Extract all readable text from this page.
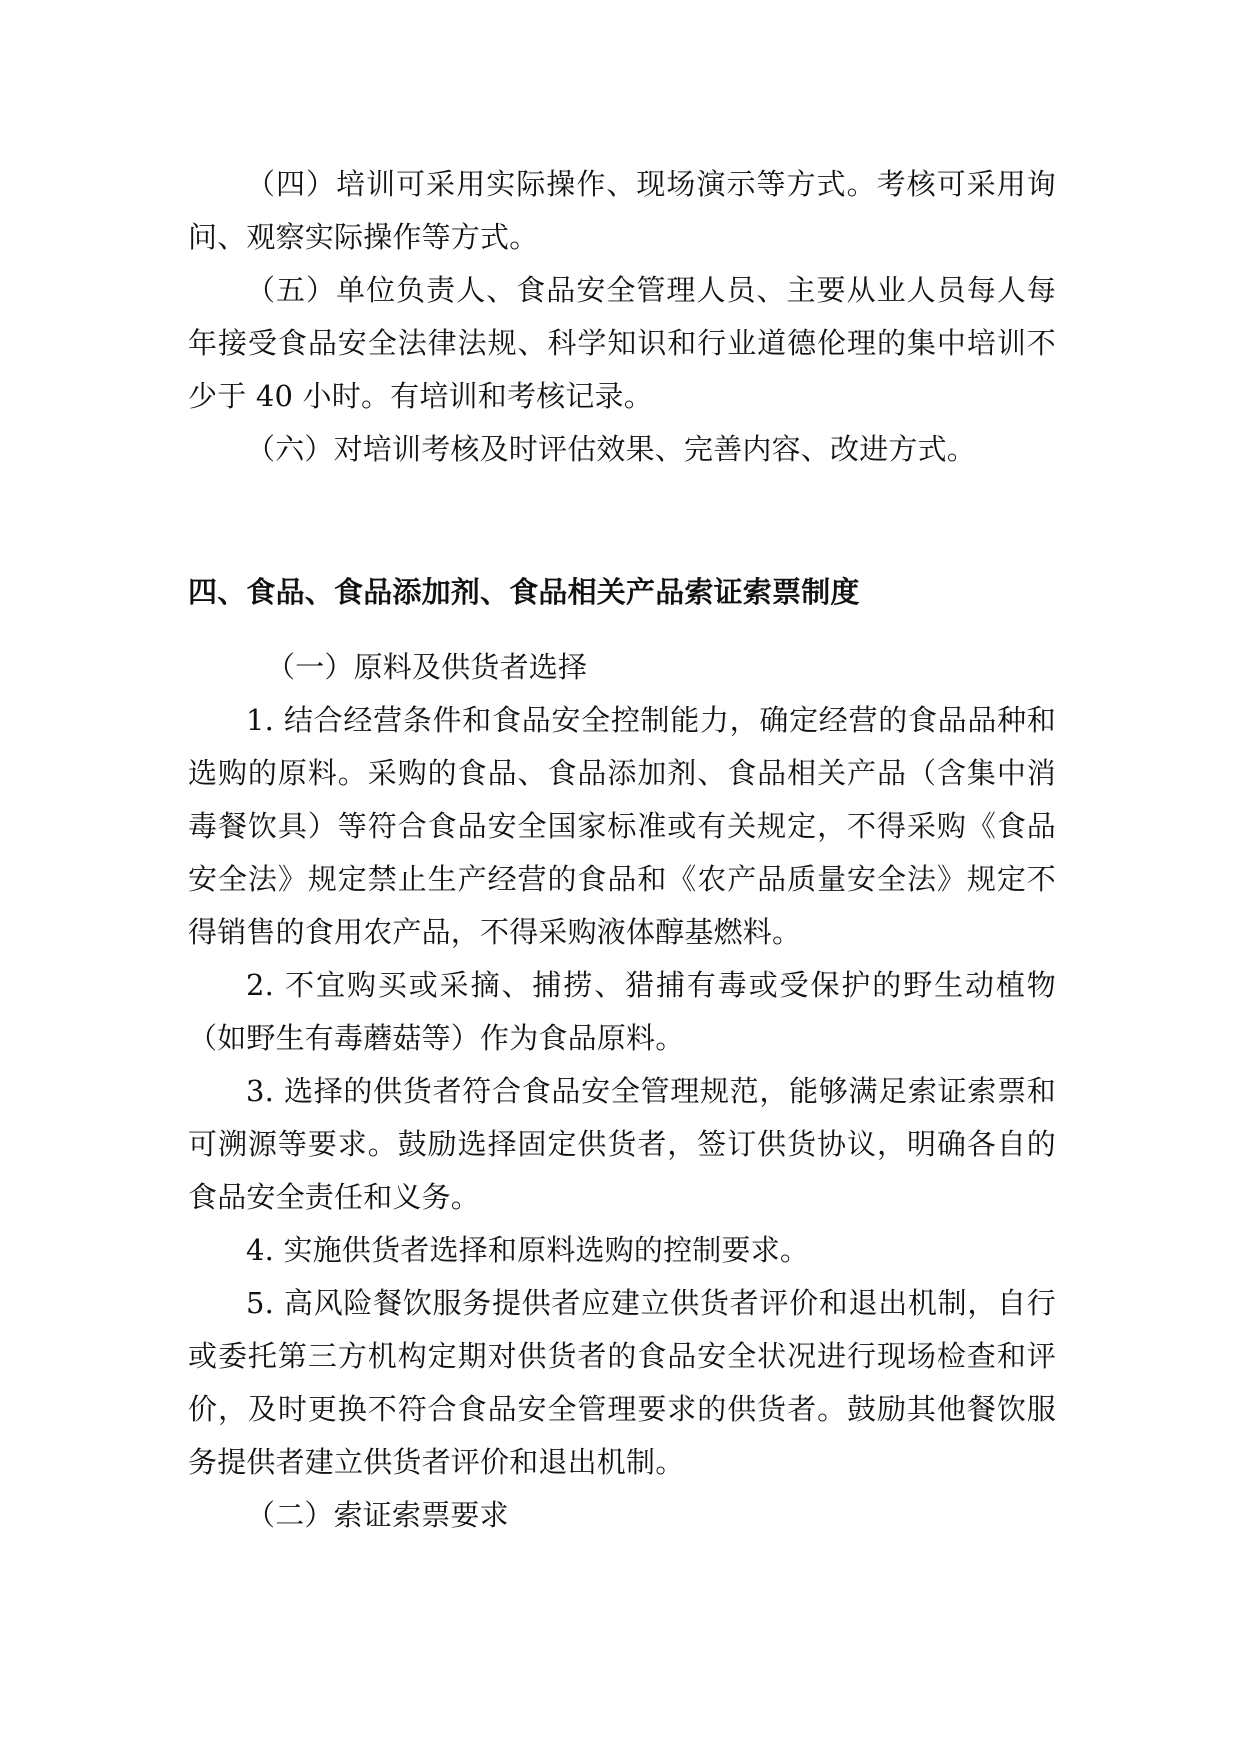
（四）培训可采用实际操作、现场演示等方式。考核可采用询问、观察实际操作等方式。

（五）单位负责人、食品安全管理人员、主要从业人员每人每年接受食品安全法律法规、科学知识和行业道德伦理的集中培训不少于 40 小时。有培训和考核记录。

（六）对培训考核及时评估效果、完善内容、改进方式。

四、食品、食品添加剂、食品相关产品索证索票制度

（一）原料及供货者选择

1. 结合经营条件和食品安全控制能力，确定经营的食品品种和选购的原料。采购的食品、食品添加剂、食品相关产品（含集中消毒餐饮具）等符合食品安全国家标准或有关规定，不得采购《食品安全法》规定禁止生产经营的食品和《农产品质量安全法》规定不得销售的食用农产品，不得采购液体醇基燃料。

2. 不宜购买或采摘、捕捞、猎捕有毒或受保护的野生动植物（如野生有毒蘑菇等）作为食品原料。

3. 选择的供货者符合食品安全管理规范，能够满足索证索票和可溯源等要求。鼓励选择固定供货者，签订供货协议，明确各自的食品安全责任和义务。

4. 实施供货者选择和原料选购的控制要求。

5. 高风险餐饮服务提供者应建立供货者评价和退出机制，自行或委托第三方机构定期对供货者的食品安全状况进行现场检查和评价，及时更换不符合食品安全管理要求的供货者。鼓励其他餐饮服务提供者建立供货者评价和退出机制。

（二）索证索票要求
